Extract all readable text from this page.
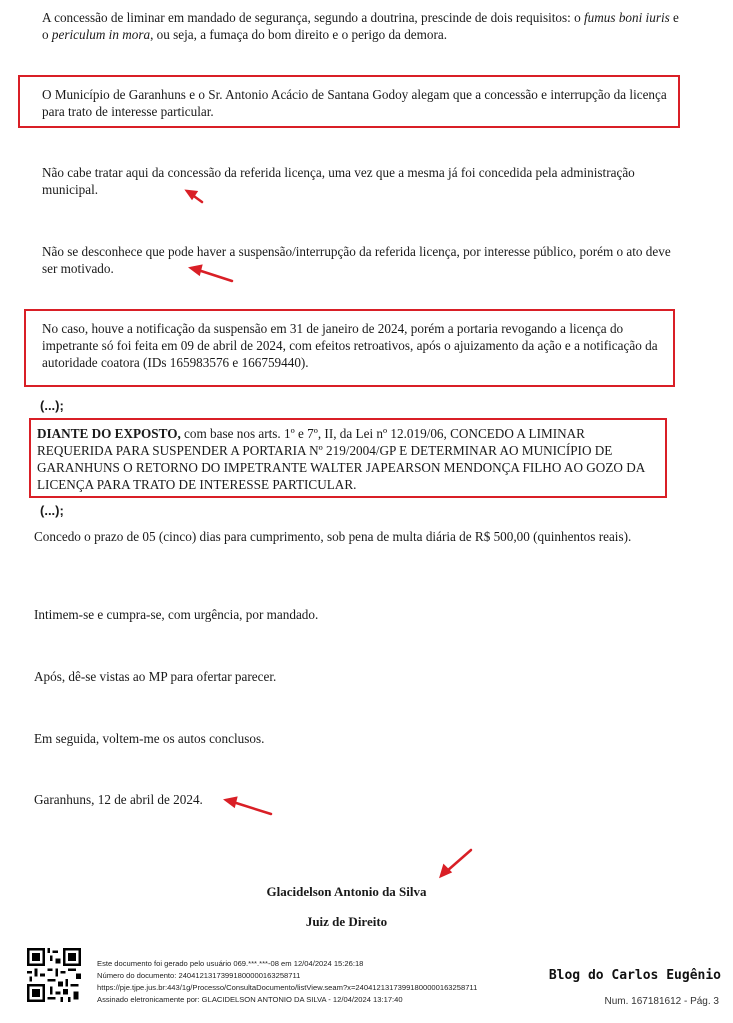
A concessão de liminar em mandado de segurança, segundo a doutrina, prescinde de dois requisitos: o fumus boni iuris e o periculum in mora, ou seja, a fumaça do bom direito e o perigo da demora.

O Município de Garanhuns e o Sr. Antonio Acácio de Santana Godoy alegam que a concessão e interrupção da licença para trato de interesse particular.

Não cabe tratar aqui da concessão da referida licença, uma vez que a mesma já foi concedida pela administração municipal.

Não se desconhece que pode haver a suspensão/interrupção da referida licença, por interesse público, porém o ato deve ser motivado.

No caso, houve a notificação da suspensão em 31 de janeiro de 2024, porém a portaria revogando a licença do impetrante só foi feita em 09 de abril de 2024, com efeitos retroativos, após o ajuizamento da ação e a notificação da autoridade coatora (IDs 165983576 e 166759440).

(...);

DIANTE DO EXPOSTO, com base nos arts. 1º e 7º, II, da Lei nº 12.019/06, CONCEDO A LIMINAR REQUERIDA PARA SUSPENDER A PORTARIA Nº 219/2004/GP E DETERMINAR AO MUNICÍPIO DE GARANHUNS O RETORNO DO IMPETRANTE WALTER JAPEARSON MENDONÇA FILHO AO GOZO DA LICENÇA PARA TRATO DE INTERESSE PARTICULAR.

(...);

Concedo o prazo de 05 (cinco) dias para cumprimento, sob pena de multa diária de R$ 500,00 (quinhentos reais).

Intimem-se e cumpra-se, com urgência, por mandado.

Após, dê-se vistas ao MP para ofertar parecer.

Em seguida, voltem-me os autos conclusos.

Garanhuns, 12 de abril de 2024.

Glacidelson Antonio da Silva
Juiz de Direito
Este documento foi gerado pelo usuário 069.***.***-08 em 12/04/2024 15:26:18
Número do documento: 24041213173991800000163258711
https://pje.tjpe.jus.br:443/1g/Processo/ConsultaDocumento/listView.seam?x=24041213173991800000163258711
Assinado eletronicamente por: GLACIDELSON ANTONIO DA SILVA - 12/04/2024 13:17:40
Blog do Carlos Eugênio
Num. 167181612 - Pág. 3
